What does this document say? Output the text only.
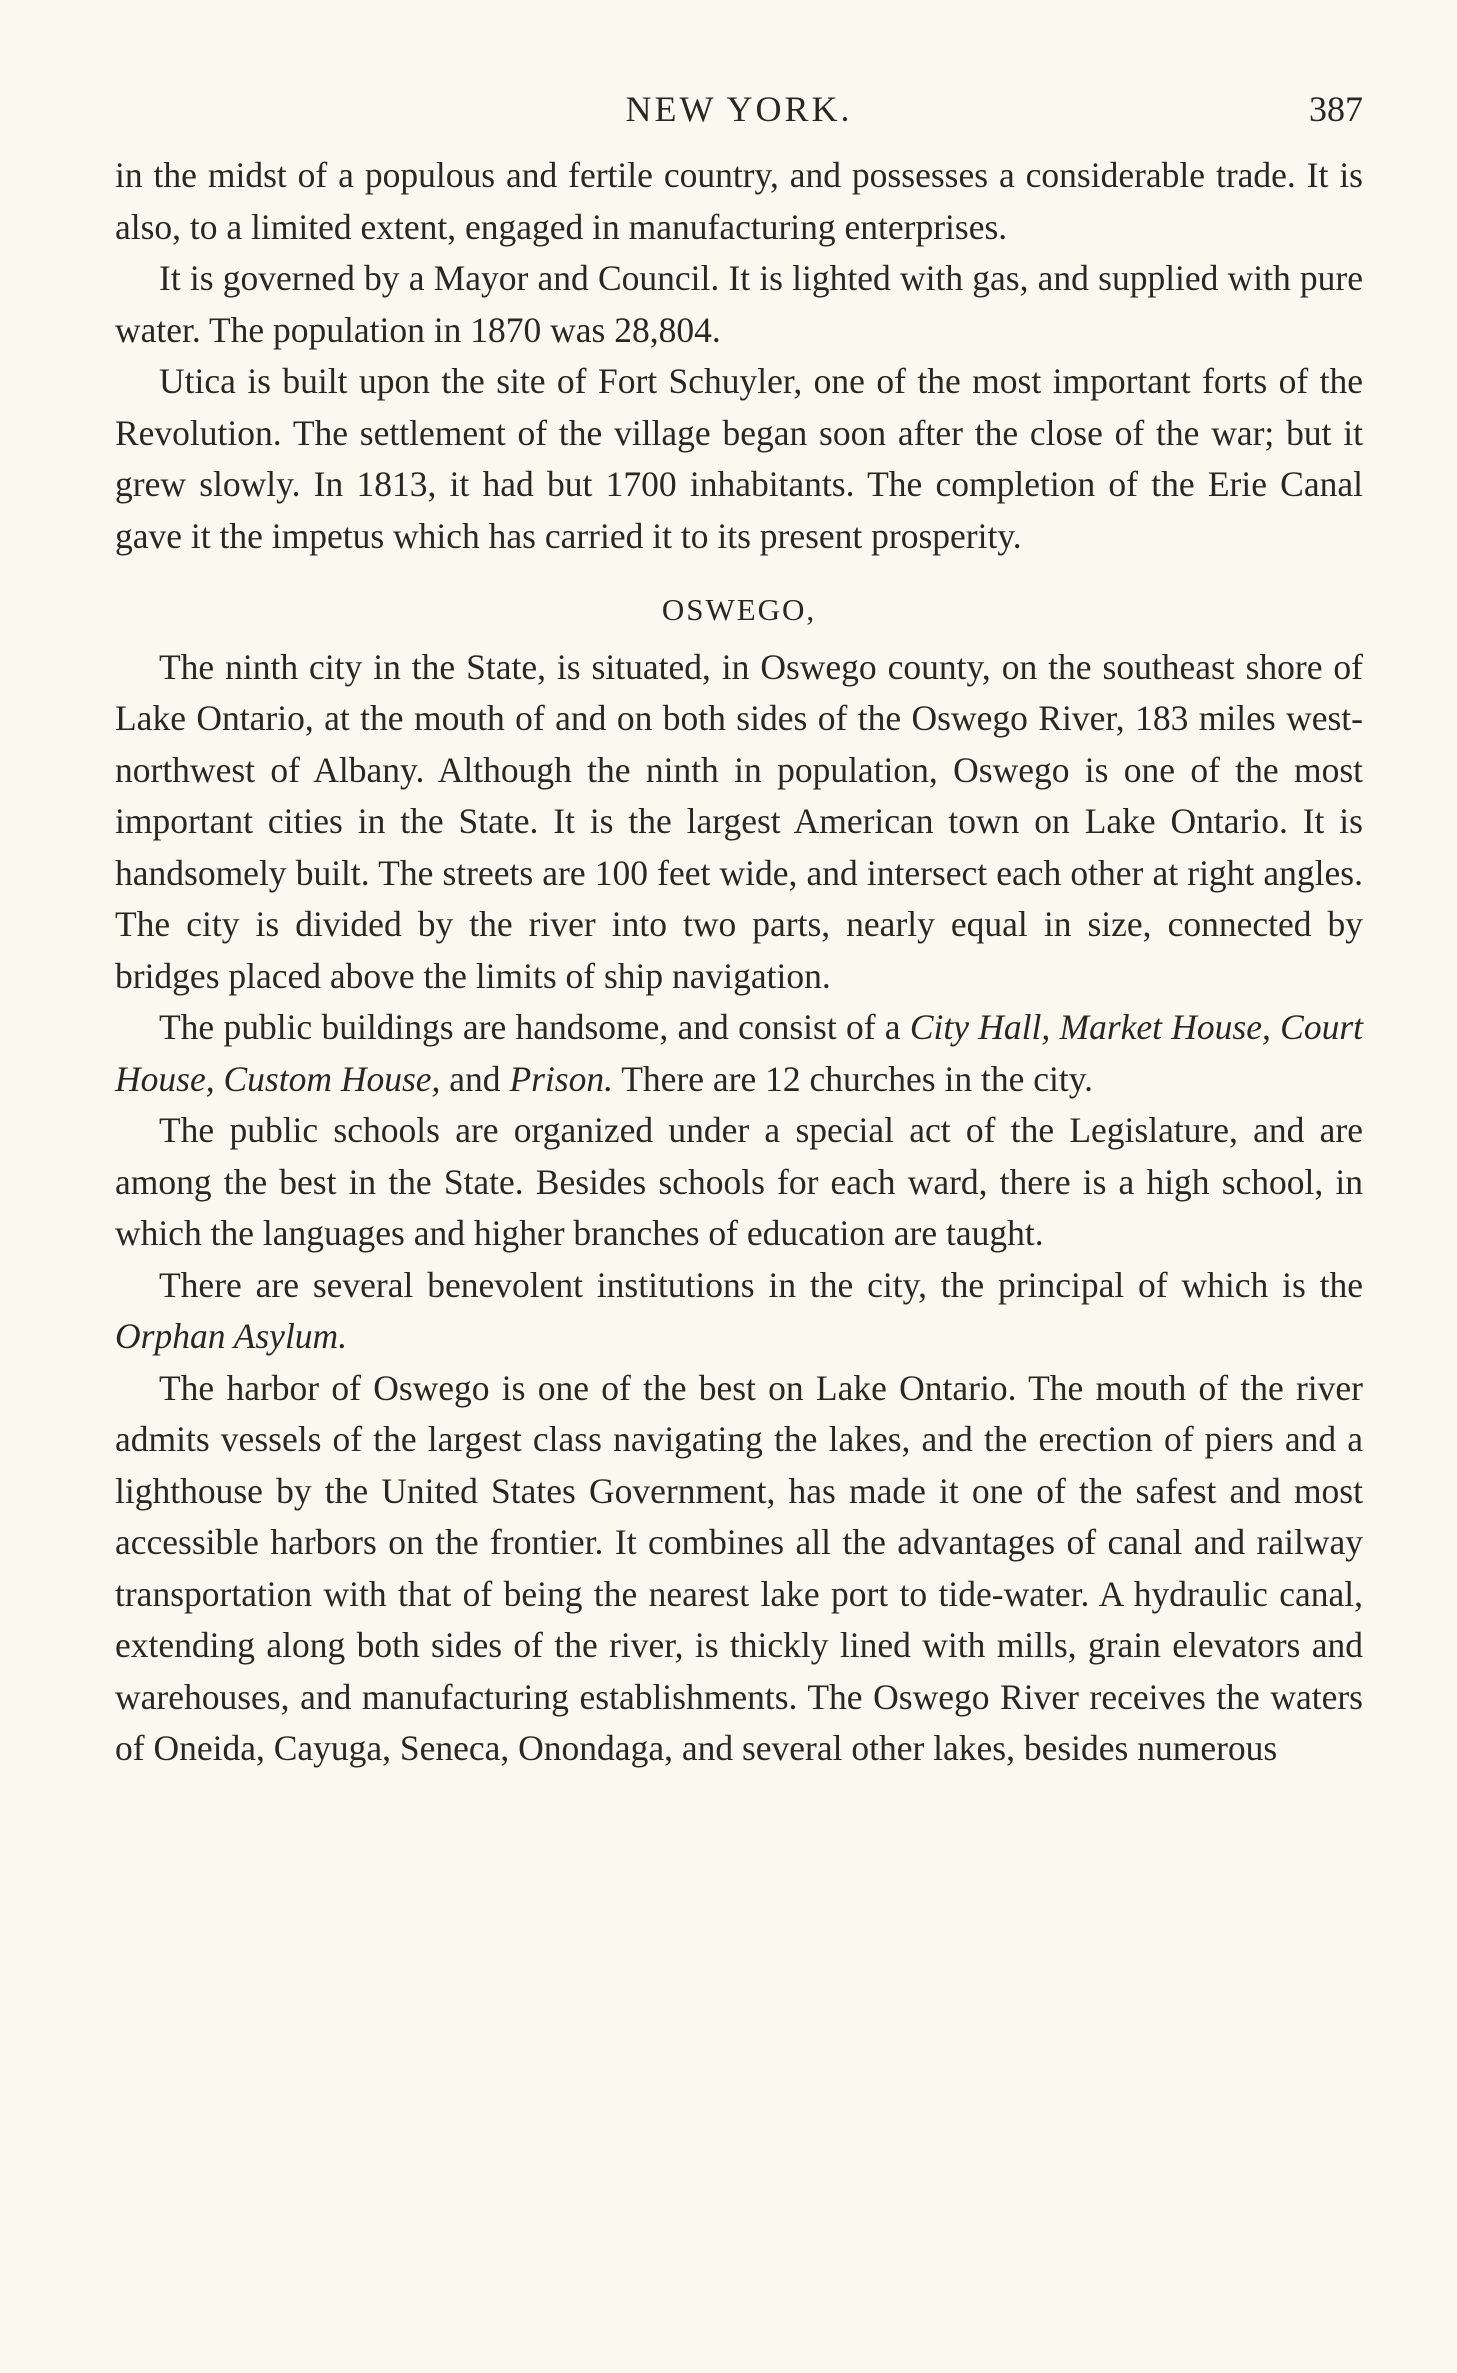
NEW YORK.	387

in the midst of a populous and fertile country, and possesses a considerable trade. It is also, to a limited extent, engaged in manufacturing enterprises.

It is governed by a Mayor and Council. It is lighted with gas, and supplied with pure water. The population in 1870 was 28,804.

Utica is built upon the site of Fort Schuyler, one of the most important forts of the Revolution. The settlement of the village began soon after the close of the war; but it grew slowly. In 1813, it had but 1700 inhabitants. The completion of the Erie Canal gave it the impetus which has carried it to its present prosperity.

OSWEGO,

The ninth city in the State, is situated, in Oswego county, on the southeast shore of Lake Ontario, at the mouth of and on both sides of the Oswego River, 183 miles west-northwest of Albany. Although the ninth in population, Oswego is one of the most important cities in the State. It is the largest American town on Lake Ontario. It is handsomely built. The streets are 100 feet wide, and intersect each other at right angles. The city is divided by the river into two parts, nearly equal in size, connected by bridges placed above the limits of ship navigation.

The public buildings are handsome, and consist of a City Hall, Market House, Court House, Custom House, and Prison. There are 12 churches in the city.

The public schools are organized under a special act of the Legislature, and are among the best in the State. Besides schools for each ward, there is a high school, in which the languages and higher branches of education are taught.

There are several benevolent institutions in the city, the principal of which is the Orphan Asylum.

The harbor of Oswego is one of the best on Lake Ontario. The mouth of the river admits vessels of the largest class navigating the lakes, and the erection of piers and a lighthouse by the United States Government, has made it one of the safest and most accessible harbors on the frontier. It combines all the advantages of canal and railway transportation with that of being the nearest lake port to tide-water. A hydraulic canal, extending along both sides of the river, is thickly lined with mills, grain elevators and warehouses, and manufacturing establishments. The Oswego River receives the waters of Oneida, Cayuga, Seneca, Onondaga, and several other lakes, besides numerous
